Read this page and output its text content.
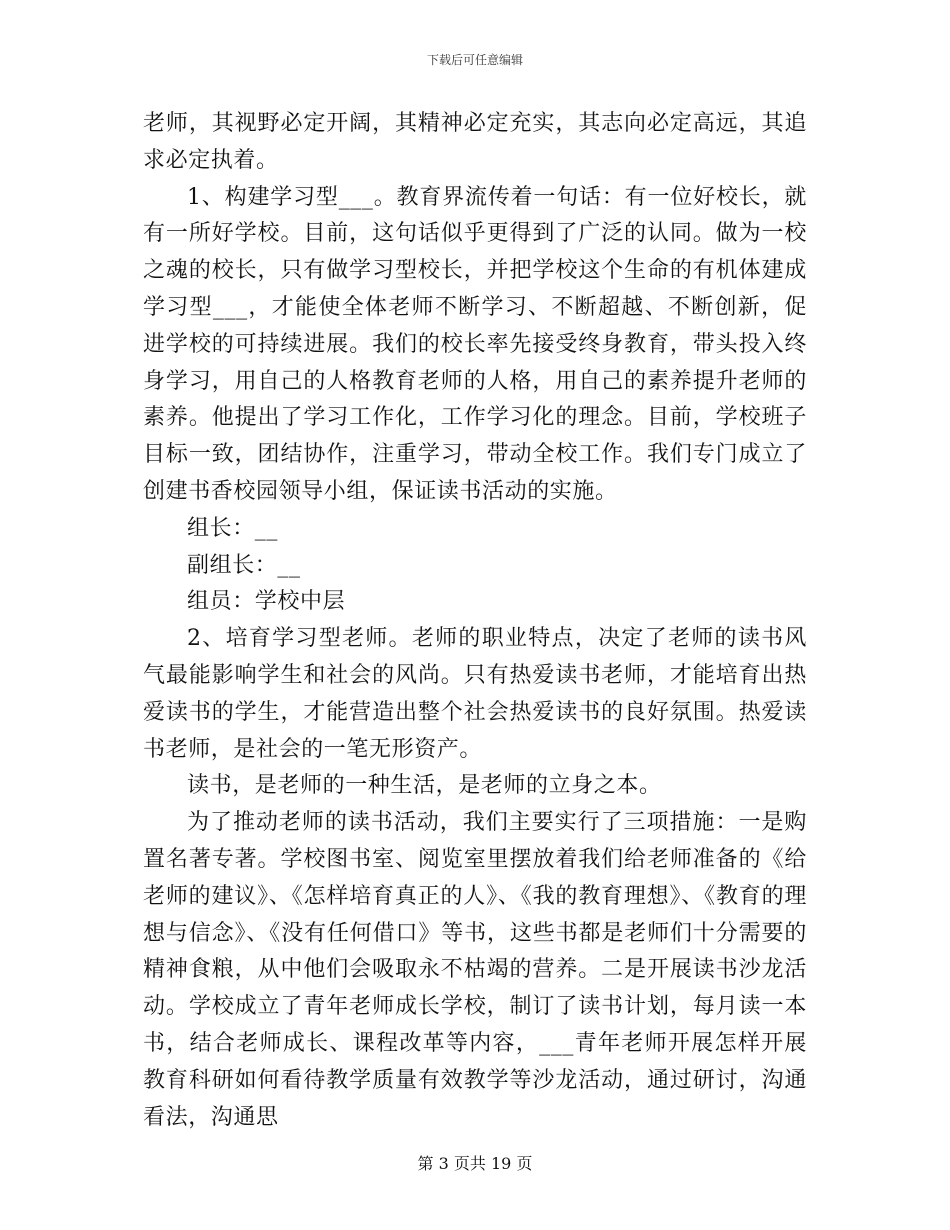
下载后可任意编辑

老师，其视野必定开阔，其精神必定充实，其志向必定高远，其追求必定执着。

1、构建学习型___。教育界流传着一句话：有一位好校长，就有一所好学校。目前，这句话似乎更得到了广泛的认同。做为一校之魂的校长，只有做学习型校长，并把学校这个生命的有机体建成学习型___，才能使全体老师不断学习、不断超越、不断创新，促进学校的可持续进展。我们的校长率先接受终身教育，带头投入终身学习，用自己的人格教育老师的人格，用自己的素养提升老师的素养。他提出了学习工作化，工作学习化的理念。目前，学校班子目标一致，团结协作，注重学习，带动全校工作。我们专门成立了创建书香校园领导小组，保证读书活动的实施。

组长：__

副组长：__

组员：学校中层

2、培育学习型老师。老师的职业特点，决定了老师的读书风气最能影响学生和社会的风尚。只有热爱读书老师，才能培育出热爱读书的学生，才能营造出整个社会热爱读书的良好氛围。热爱读书老师，是社会的一笔无形资产。

读书，是老师的一种生活，是老师的立身之本。

为了推动老师的读书活动，我们主要实行了三项措施：一是购置名著专著。学校图书室、阅览室里摆放着我们给老师准备的《给老师的建议》、《怎样培育真正的人》、《我的教育理想》、《教育的理想与信念》、《没有任何借口》等书，这些书都是老师们十分需要的精神食粮，从中他们会吸取永不枯竭的营养。二是开展读书沙龙活动。学校成立了青年老师成长学校，制订了读书计划，每月读一本书，结合老师成长、课程改革等内容，___青年老师开展怎样开展教育科研如何看待教学质量有效教学等沙龙活动，通过研讨，沟通看法，沟通思

第 3 页共 19 页
